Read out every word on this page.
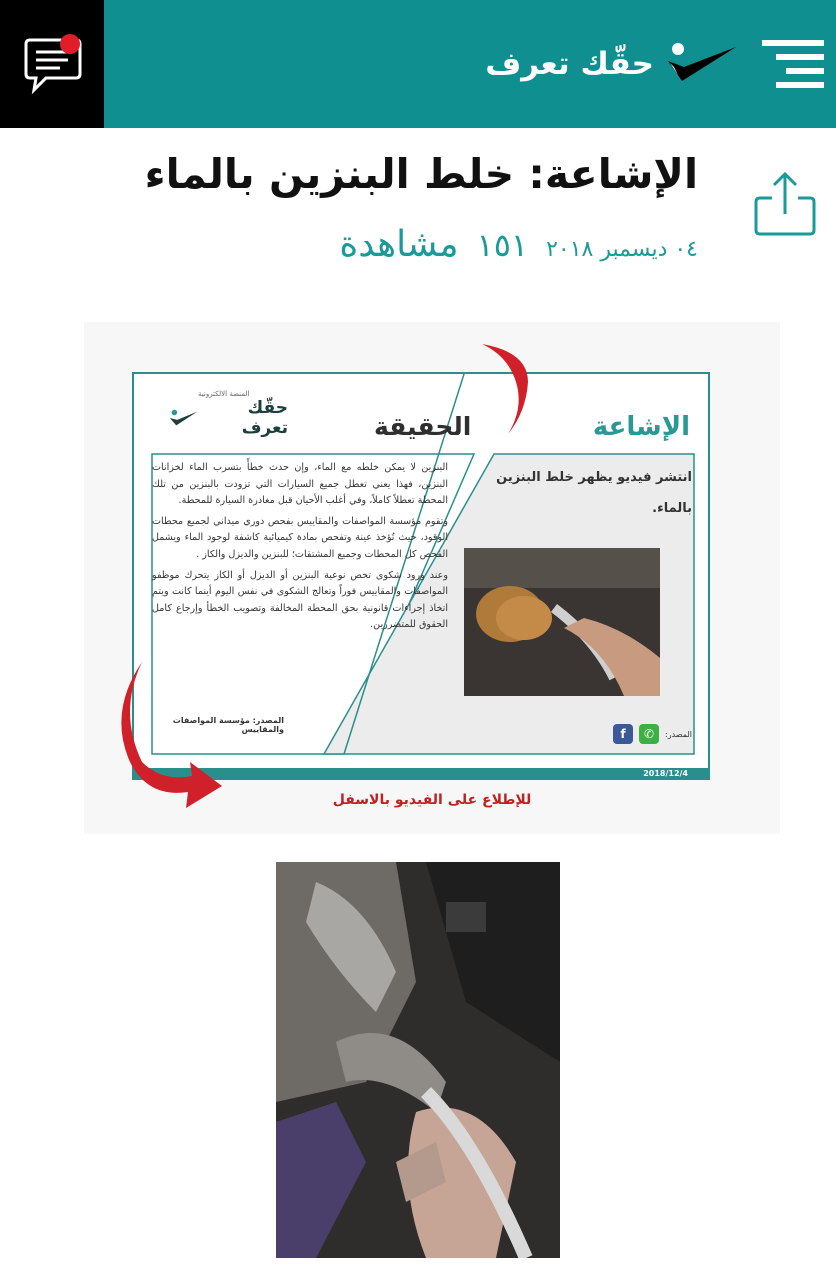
حقّك تعرف
الإشاعة: خلط البنزين بالماء
٠٤ ديسمبر ٢٠١٨
١٥١
مشاهدة
المنصة الالكترونية
حقّك تعرف	الحقيقة	الإشاعة

البنزين لا يمكن خلطه مع الماء، وإن حدث خطأً بتسرب الماء لخزانات البنزين، فهذا يعني تعطل جميع السيارات التي تزودت بالبنزين من تلك المحطة تعطلاً كاملاً، وفي أغلب الأحيان قبل مغادرة السيارة للمحطة.

وتقوم مؤسسة المواصفات والمقاييس بفحص دوري ميداني لجميع محطات الوقود، حيث تُؤخذ عينة وتفحص بمادة كيميائية كاشفة لوجود الماء ويشمل الفحص كل المحطات وجميع المشتقات؛ للبنزين والديزل والكاز .

وعند ورود شكوى تخص نوعية البنزين أو الديزل أو الكاز يتحرك موظفو المواصفات والمقاييس فوراً وتعالج الشكوى في نفس اليوم أينما كانت ويتم اتخاذ إجراءات قانونية بحق المحطة المخالفة وتصويب الخطأ وإرجاع كامل الحقوق للمتضررين.

المصدر: مؤسسة المواصفات والمقاييس
انتشر فيديو يظهر خلط البنزين بالماء.
المصدر:
✆
f
2018/12/4
للإطلاع على الفيديو بالاسفل
